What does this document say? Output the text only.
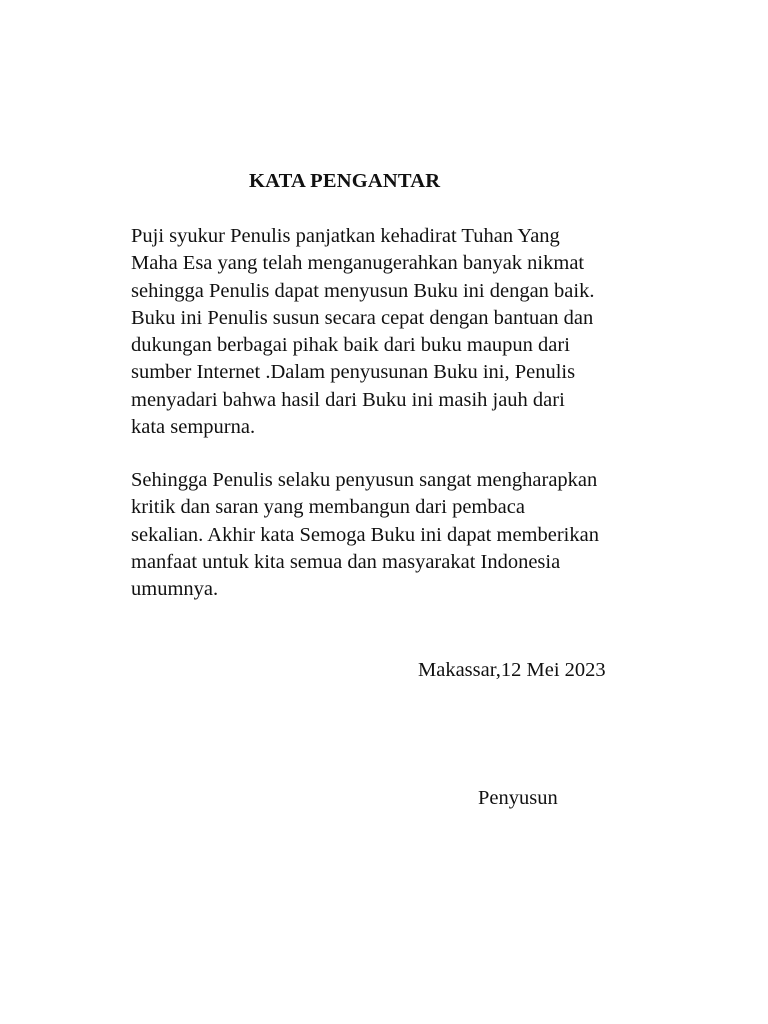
KATA PENGANTAR
Puji syukur Penulis panjatkan kehadirat Tuhan Yang
Maha Esa yang telah menganugerahkan banyak nikmat
sehingga Penulis dapat menyusun Buku ini dengan baik.
Buku ini Penulis susun secara cepat dengan bantuan dan
dukungan berbagai pihak baik dari buku maupun dari
sumber Internet .Dalam penyusunan Buku ini, Penulis
menyadari bahwa hasil dari Buku ini masih jauh dari
kata sempurna.
Sehingga Penulis selaku penyusun sangat mengharapkan
kritik dan saran yang membangun dari pembaca
sekalian. Akhir kata Semoga Buku ini dapat memberikan
manfaat untuk kita semua dan masyarakat Indonesia
umumnya.

Makassar,12 Mei 2023

Penyusun
